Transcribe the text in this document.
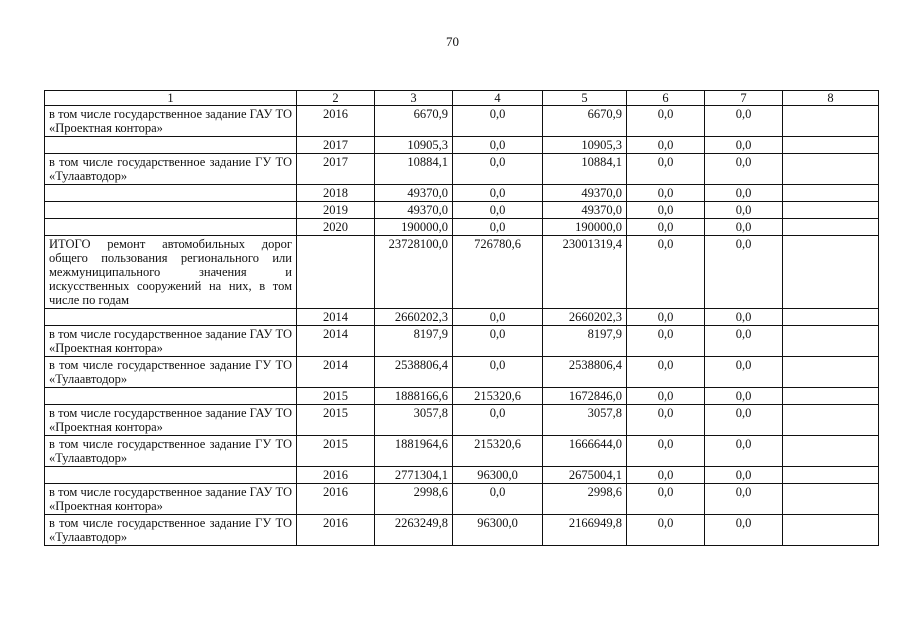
70
1	2	3	4	5	6	7	8
в том числе государственное задание ГАУ ТО «Проектная контора»	2016	6670,9	0,0	6670,9	0,0	0,0	
	2017	10905,3	0,0	10905,3	0,0	0,0	
в том числе государственное задание ГУ ТО «Тулаавтодор»	2017	10884,1	0,0	10884,1	0,0	0,0	
	2018	49370,0	0,0	49370,0	0,0	0,0	
	2019	49370,0	0,0	49370,0	0,0	0,0	
	2020	190000,0	0,0	190000,0	0,0	0,0	
ИТОГО ремонт автомобильных дорог общего пользования регионального или межмуниципального значения и искусственных сооружений на них, в том числе по годам		23728100,0	726780,6	23001319,4	0,0	0,0	
	2014	2660202,3	0,0	2660202,3	0,0	0,0	
в том числе государственное задание ГАУ ТО «Проектная контора»	2014	8197,9	0,0	8197,9	0,0	0,0	
в том числе государственное задание ГУ ТО «Тулаавтодор»	2014	2538806,4	0,0	2538806,4	0,0	0,0	
	2015	1888166,6	215320,6	1672846,0	0,0	0,0	
в том числе государственное задание ГАУ ТО «Проектная контора»	2015	3057,8	0,0	3057,8	0,0	0,0	
в том числе государственное задание ГУ ТО «Тулаавтодор»	2015	1881964,6	215320,6	1666644,0	0,0	0,0	
	2016	2771304,1	96300,0	2675004,1	0,0	0,0	
в том числе государственное задание ГАУ ТО «Проектная контора»	2016	2998,6	0,0	2998,6	0,0	0,0	
в том числе государственное задание ГУ ТО «Тулаавтодор»	2016	2263249,8	96300,0	2166949,8	0,0	0,0	
